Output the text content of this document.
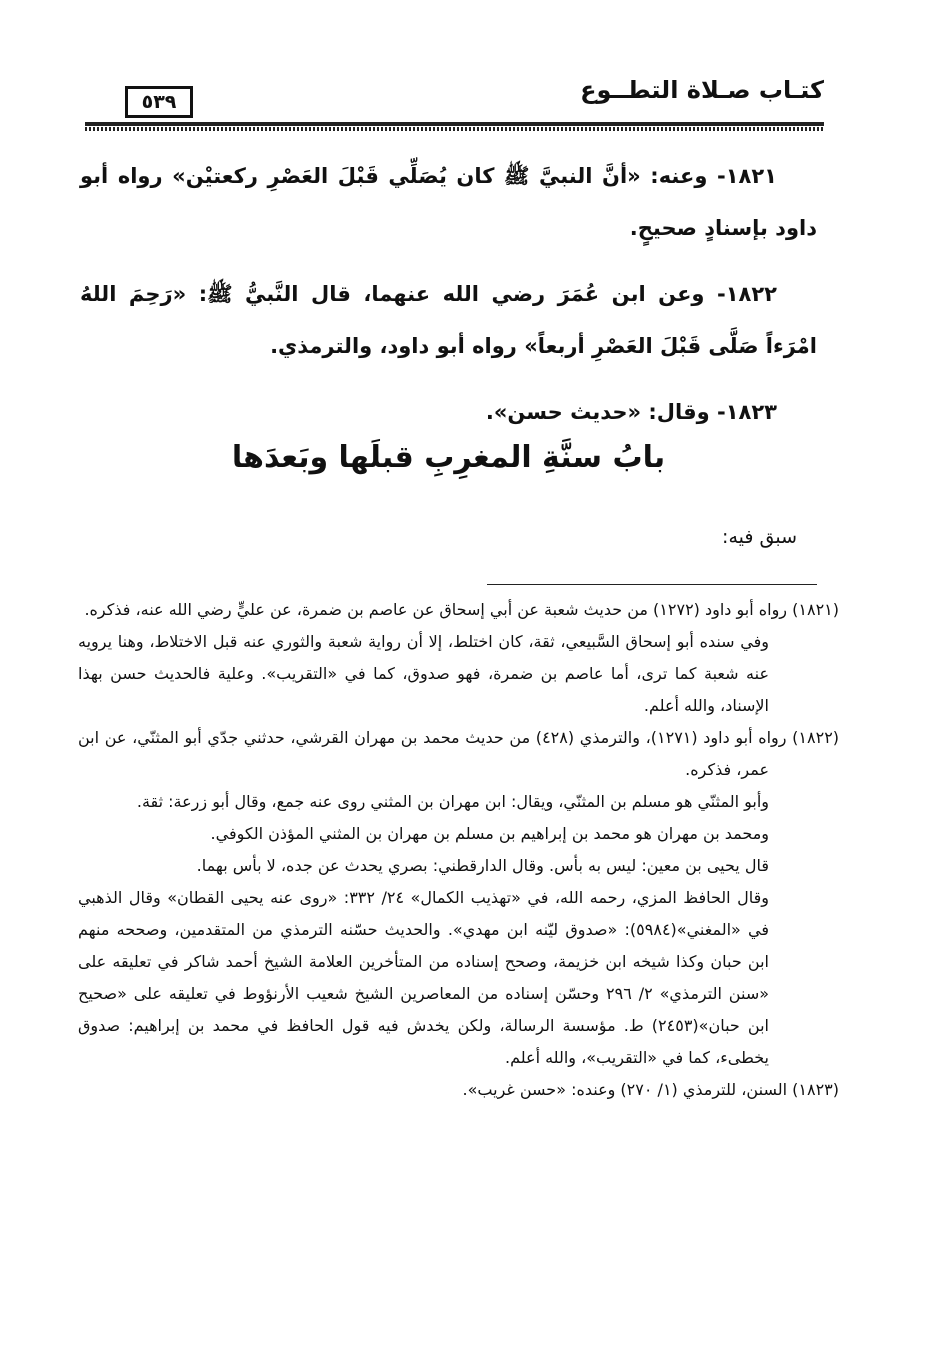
كتـاب صـلاة التطــوع
٥٣٩

١٨٢١- وعنه: «أنَّ النبيَّ ﷺ كان يُصَلِّي قَبْلَ العَصْرِ ركعتيْن» رواه أبو داود بإسنادٍ صحيحٍ.

١٨٢٢- وعن ابن عُمَرَ رضي الله عنهما، قال النَّبيُّ ﷺ: «رَحِمَ اللهُ امْرَءاً صَلَّى قَبْلَ العَصْرِ أربعاً» رواه أبو داود، والترمذي.

١٨٢٣- وقال: «حديث حسن».

بابُ سنَّةِ المغرِبِ قبلَها وبَعدَها
سبق فيه:

(١٨٢١) رواه أبو داود (١٢٧٢) من حديث شعبة عن أبي إسحاق عن عاصم بن ضمرة، عن عليٍّ رضي الله عنه، فذكره.

وفي سنده أبو إسحاق السَّبيعي، ثقة، كان اختلط، إلا أن رواية شعبة والثوري عنه قبل الاختلاط، وهنا يرويه عنه شعبة كما ترى، أما عاصم بن ضمرة، فهو صدوق، كما في «التقريب». وعلية فالحديث حسن بهذا الإسناد، والله أعلم.

(١٨٢٢) رواه أبو داود (١٢٧١)، والترمذي (٤٢٨) من حديث محمد بن مهران القرشي، حدثني جدّي أبو المثنّي، عن ابن عمر، فذكره.

وأبو المثنّي هو مسلم بن المثنّي، ويقال: ابن مهران بن المثني روى عنه جمع، وقال أبو زرعة: ثقة.

ومحمد بن مهران هو محمد بن إبراهيم بن مسلم بن مهران بن المثني المؤذن الكوفي.

قال يحيى بن معين: ليس به بأس. وقال الدارقطني: بصري يحدث عن جده، لا بأس بهما.

وقال الحافظ المزي، رحمه الله، في «تهذيب الكمال» ٢٤/ ٣٣٢: «روى عنه يحيى القطان» وقال الذهبي في «المغني»(٥٩٨٤): «صدوق ليّنه ابن مهدي». والحديث حسّنه الترمذي من المتقدمين، وصححه منهم ابن حبان وكذا شيخه ابن خزيمة، وصحح إسناده من المتأخرين العلامة الشيخ أحمد شاكر في تعليقه على «سنن الترمذي» ٢/ ٢٩٦ وحسّن إسناده من المعاصرين الشيخ شعيب الأرنؤوط في تعليقه على «صحيح ابن حبان»(٢٤٥٣) ط. مؤسسة الرسالة، ولكن يخدش فيه قول الحافظ في محمد بن إبراهيم: صدوق يخطىء، كما في «التقريب»، والله أعلم.

(١٨٢٣) السنن، للترمذي (١/ ٢٧٠) وعنده: «حسن غريب».
